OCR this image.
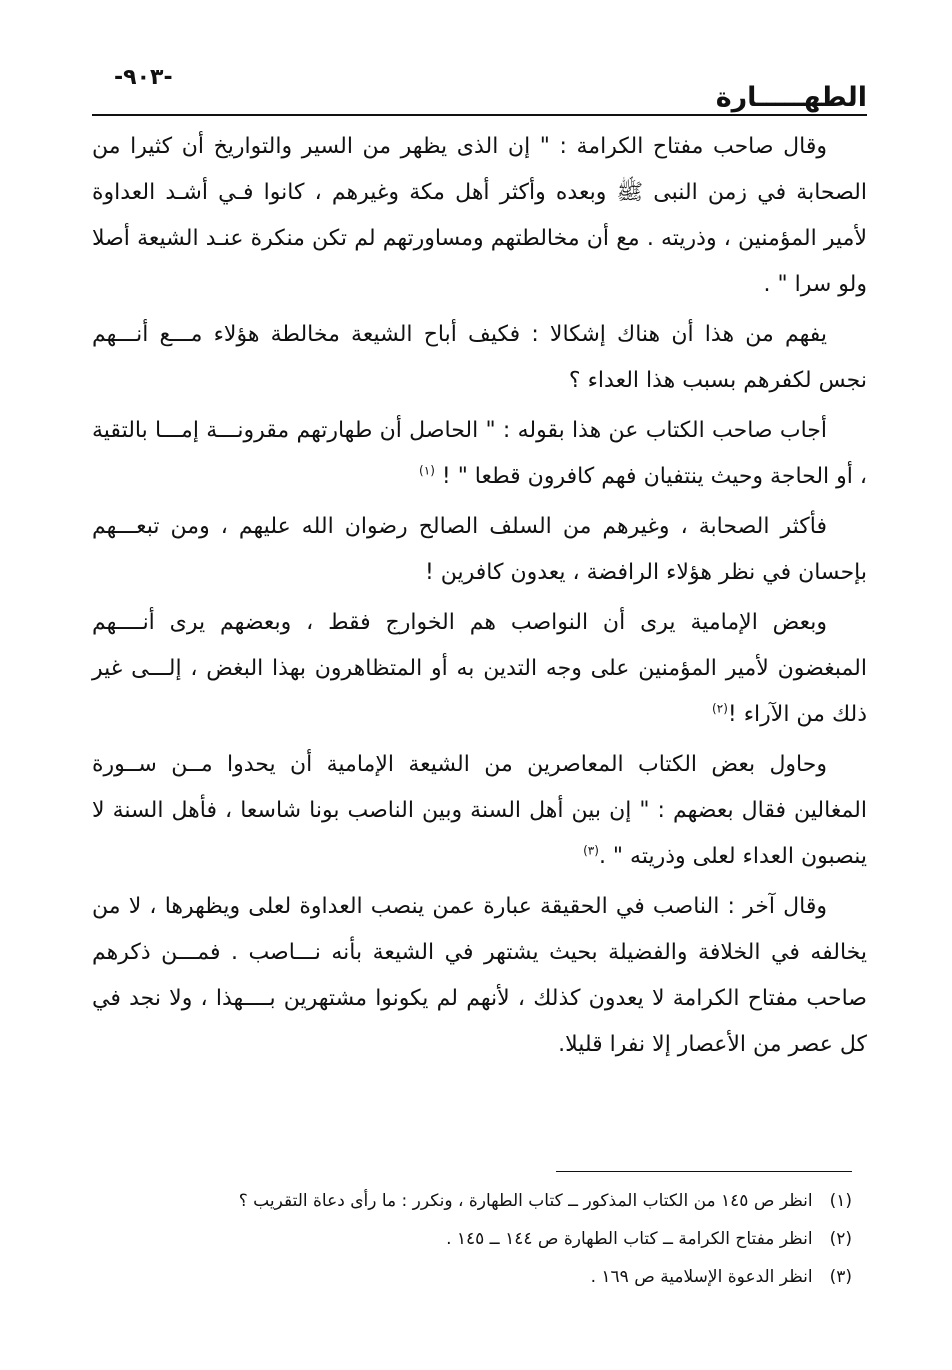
الطهـــــارة
-٩٠٣-

وقال صاحب مفتاح الكرامة : " إن الذى يظهر من السير والتواريخ أن كثيرا من الصحابة في زمن النبى ﷺ وبعده وأكثر أهل مكة وغيرهم ، كانوا فـي أشـد العداوة لأمير المؤمنين ، وذريته . مع أن مخالطتهم ومساورتهم لم تكن منكرة عنـد الشيعة أصلا ولو سرا " .

يفهم من هذا أن هناك إشكالا : فكيف أباح الشيعة مخالطة هؤلاء مـــع أنـــهم نجس لكفرهم بسبب هذا العداء ؟

أجاب صاحب الكتاب عن هذا بقوله : " الحاصل أن طهارتهم مقرونـــة إمـــا بالتقية ، أو الحاجة وحيث ينتفيان فهم كافرون قطعا " ! $^{(١)}$

فأكثر الصحابة ، وغيرهم من السلف الصالح رضوان الله عليهم ، ومن تبعـــهم بإحسان في نظر هؤلاء الرافضة ، يعدون كافرين !

وبعض الإمامية يرى أن النواصب هم الخوارج فقط ، وبعضهم يرى أنــــهم المبغضون لأمير المؤمنين على وجه التدين به أو المتظاهرون بهذا البغض ، إلـــى غير ذلك من الآراء !$^{(٢)}$

وحاول بعض الكتاب المعاصرين من الشيعة الإمامية أن يحدوا مــن ســورة المغالين فقال بعضهم : " إن بين أهل السنة وبين الناصب بونا شاسعا ، فأهل السنة لا ينصبون العداء لعلى وذريته " .$^{(٣)}$

وقال آخر : الناصب في الحقيقة عبارة عمن ينصب العداوة لعلى ويظهرها ، لا من يخالفه في الخلافة والفضيلة بحيث يشتهر في الشيعة بأنه نـــاصب . فمـــن ذكرهم صاحب مفتاح الكرامة لا يعدون كذلك ، لأنهم لم يكونوا مشتهرين بــــهذا ، ولا نجد في كل عصر من الأعصار إلا نفرا قليلا.

(١) انظر ص ١٤٥ من الكتاب المذكور ــ كتاب الطهارة ، ونكرر : ما رأى دعاة التقريب ؟

(٢) انظر مفتاح الكرامة ــ كتاب الطهارة ص ١٤٤ ــ ١٤٥ .

(٣) انظر الدعوة الإسلامية ص ١٦٩ .
